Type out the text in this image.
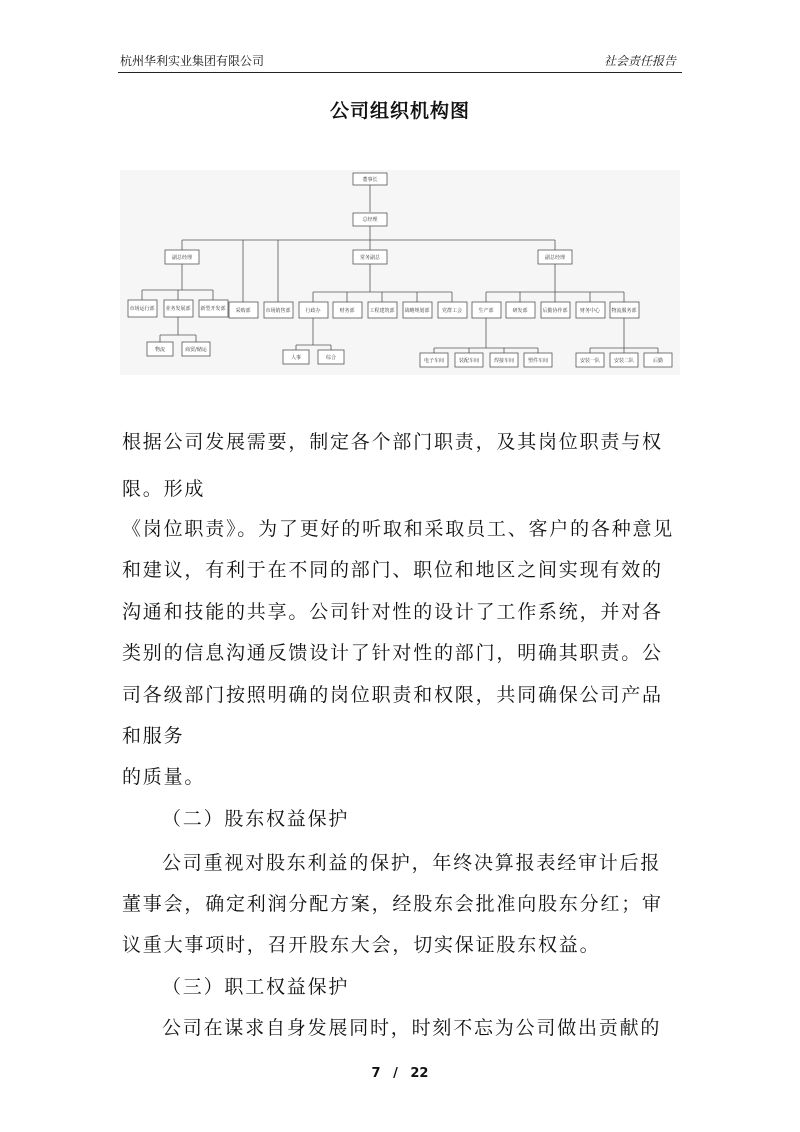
杭州华利实业集团有限公司	社会责任报告
公司组织机构图
董事长
总经理
副总经理	常务副总	副总经理
市场运行部 业务发展部 新型开发部 采购部	市场销售部	行政办	财务部	工程建筑部 战略规划部 党群工会	生产部	研发部	后勤协作部 财务中心 物流服务部
物流	商贸/储运
人事	综合	电子车间	装配车间	焊接车间	塑件车间	安装一队	安装二队	后勤
根据公司发展需要，制定各个部门职责，及其岗位职责与权
限。形成
《岗位职责》。为了更好的听取和采取员工、客户的各种意见
和建议，有利于在不同的部门、职位和地区之间实现有效的
沟通和技能的共享。公司针对性的设计了工作系统，并对各
类别的信息沟通反馈设计了针对性的部门，明确其职责。公
司各级部门按照明确的岗位职责和权限，共同确保公司产品
和服务
的质量。
（二）股东权益保护
公司重视对股东利益的保护，年终决算报表经审计后报
董事会，确定利润分配方案，经股东会批准向股东分红；审
议重大事项时，召开股东大会，切实保证股东权益。
（三）职工权益保护
公司在谋求自身发展同时，时刻不忘为公司做出贡献的
7 / 22
